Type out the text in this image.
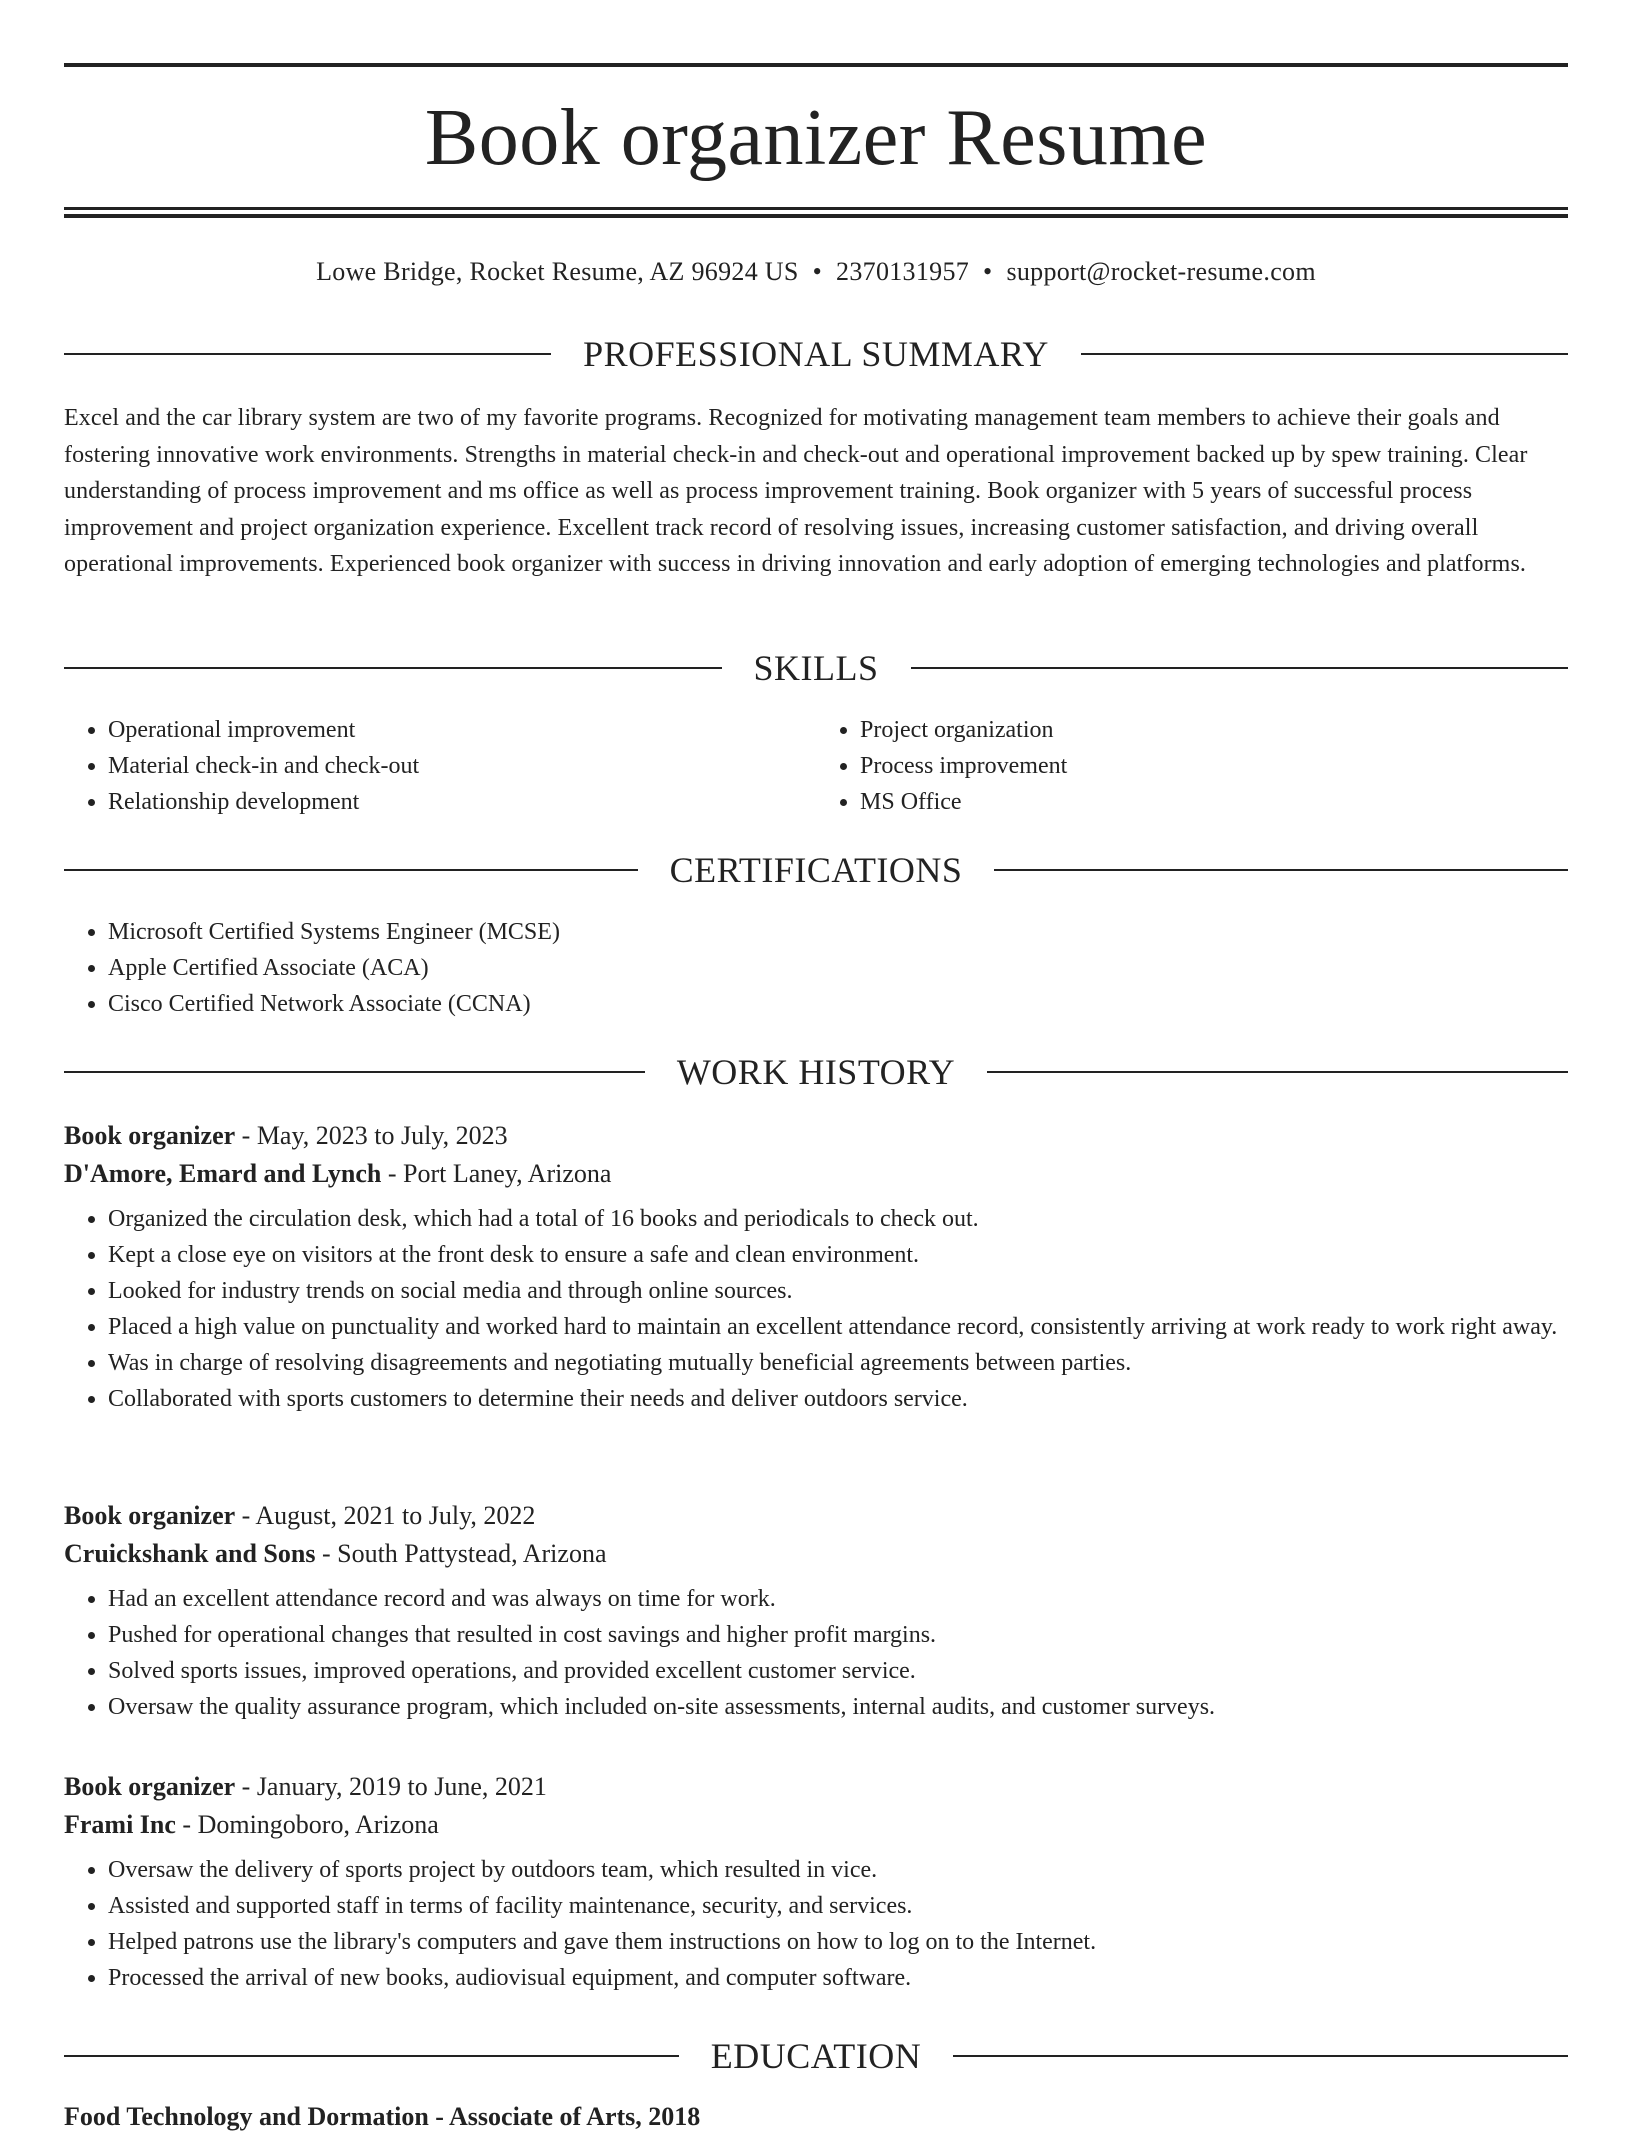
Book organizer Resume
Lowe Bridge, Rocket Resume, AZ 96924 US • 2370131957 • support@rocket-resume.com
PROFESSIONAL SUMMARY

Excel and the car library system are two of my favorite programs. Recognized for motivating management team members to achieve their goals and fostering innovative work environments. Strengths in material check-in and check-out and operational improvement backed up by spew training. Clear understanding of process improvement and ms office as well as process improvement training. Book organizer with 5 years of successful process improvement and project organization experience. Excellent track record of resolving issues, increasing customer satisfaction, and driving overall operational improvements. Experienced book organizer with success in driving innovation and early adoption of emerging technologies and platforms.

SKILLS
• Operational improvement
• Material check-in and check-out
• Relationship development
• Project organization
• Process improvement
• MS Office
CERTIFICATIONS
• Microsoft Certified Systems Engineer (MCSE)
• Apple Certified Associate (ACA)
• Cisco Certified Network Associate (CCNA)
WORK HISTORY

Book organizer - May, 2023 to July, 2023

D'Amore, Emard and Lynch - Port Laney, Arizona

• Organized the circulation desk, which had a total of 16 books and periodicals to check out.
• Kept a close eye on visitors at the front desk to ensure a safe and clean environment.
• Looked for industry trends on social media and through online sources.
• Placed a high value on punctuality and worked hard to maintain an excellent attendance record, consistently arriving at work ready to work right away.
• Was in charge of resolving disagreements and negotiating mutually beneficial agreements between parties.
• Collaborated with sports customers to determine their needs and deliver outdoors service.

Book organizer - August, 2021 to July, 2022

Cruickshank and Sons - South Pattystead, Arizona

• Had an excellent attendance record and was always on time for work.
• Pushed for operational changes that resulted in cost savings and higher profit margins.
• Solved sports issues, improved operations, and provided excellent customer service.
• Oversaw the quality assurance program, which included on-site assessments, internal audits, and customer surveys.

Book organizer - January, 2019 to June, 2021

Frami Inc - Domingoboro, Arizona

• Oversaw the delivery of sports project by outdoors team, which resulted in vice.
• Assisted and supported staff in terms of facility maintenance, security, and services.
• Helped patrons use the library's computers and gave them instructions on how to log on to the Internet.
• Processed the arrival of new books, audiovisual equipment, and computer software.
EDUCATION
Food Technology and Dormation - Associate of Arts, 2018
